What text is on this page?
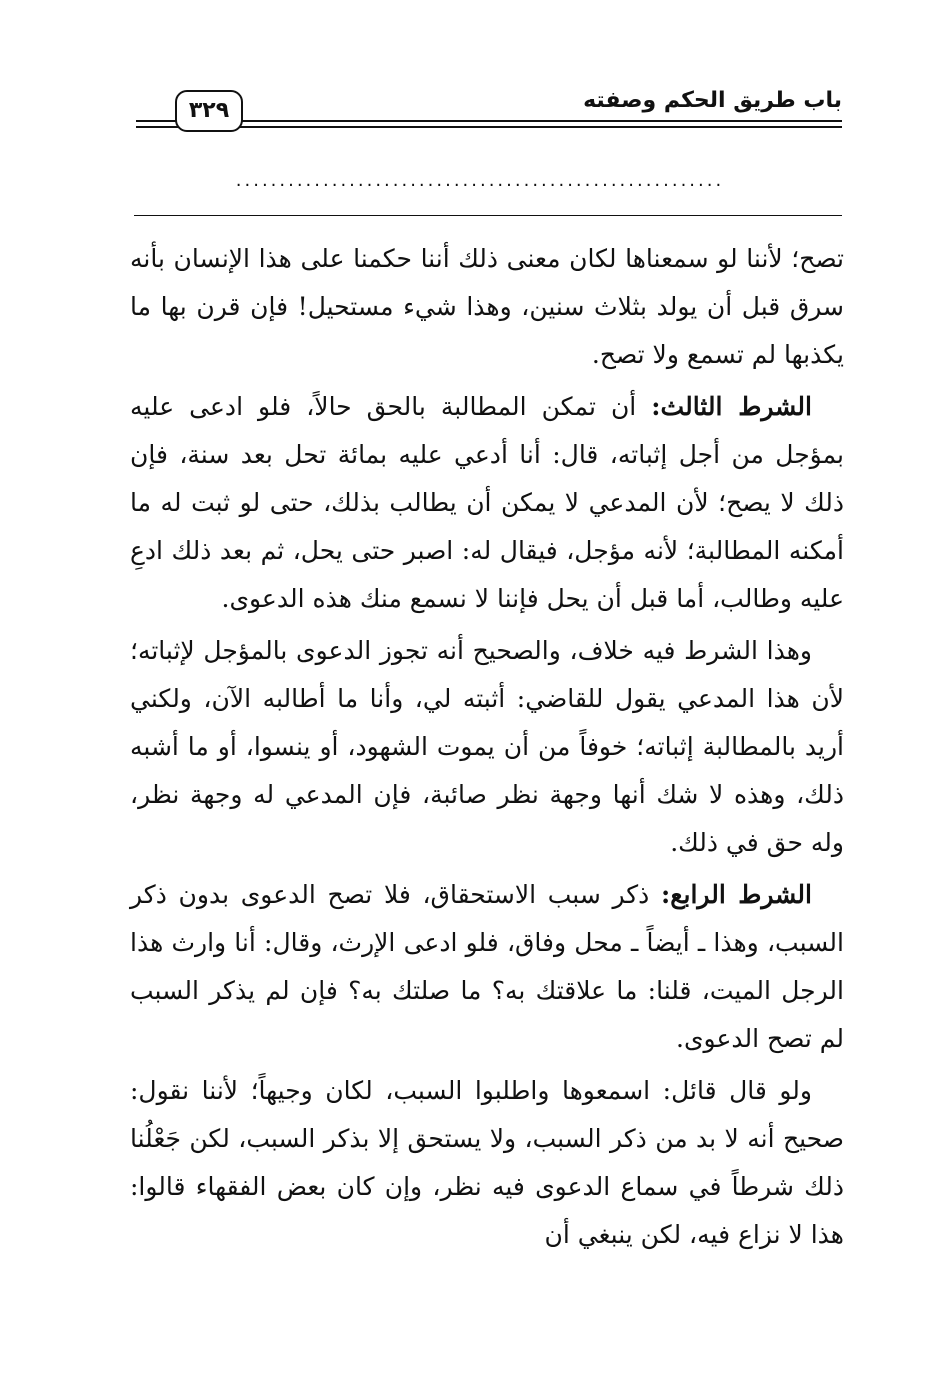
باب طريق الحكم وصفته
٣٢٩
........................................................

تصح؛ لأننا لو سمعناها لكان معنى ذلك أننا حكمنا على هذا الإنسان بأنه سرق قبل أن يولد بثلاث سنين، وهذا شيء مستحيل! فإن قرن بها ما يكذبها لم تسمع ولا تصح.

الشرط الثالث: أن تمكن المطالبة بالحق حالاً، فلو ادعى عليه بمؤجل من أجل إثباته، قال: أنا أدعي عليه بمائة تحل بعد سنة، فإن ذلك لا يصح؛ لأن المدعي لا يمكن أن يطالب بذلك، حتى لو ثبت له ما أمكنه المطالبة؛ لأنه مؤجل، فيقال له: اصبر حتى يحل، ثم بعد ذلك ادعِ عليه وطالب، أما قبل أن يحل فإننا لا نسمع منك هذه الدعوى.

وهذا الشرط فيه خلاف، والصحيح أنه تجوز الدعوى بالمؤجل لإثباته؛ لأن هذا المدعي يقول للقاضي: أثبته لي، وأنا ما أطالبه الآن، ولكني أريد بالمطالبة إثباته؛ خوفاً من أن يموت الشهود، أو ينسوا، أو ما أشبه ذلك، وهذه لا شك أنها وجهة نظر صائبة، فإن المدعي له وجهة نظر، وله حق في ذلك.

الشرط الرابع: ذكر سبب الاستحقاق، فلا تصح الدعوى بدون ذكر السبب، وهذا ـ أيضاً ـ محل وفاق، فلو ادعى الإرث، وقال: أنا وارث هذا الرجل الميت، قلنا: ما علاقتك به؟ ما صلتك به؟ فإن لم يذكر السبب لم تصح الدعوى.

ولو قال قائل: اسمعوها واطلبوا السبب، لكان وجيهاً؛ لأننا نقول: صحيح أنه لا بد من ذكر السبب، ولا يستحق إلا بذكر السبب، لكن جَعْلُنا ذلك شرطاً في سماع الدعوى فيه نظر، وإن كان بعض الفقهاء قالوا: هذا لا نزاع فيه، لكن ينبغي أن
